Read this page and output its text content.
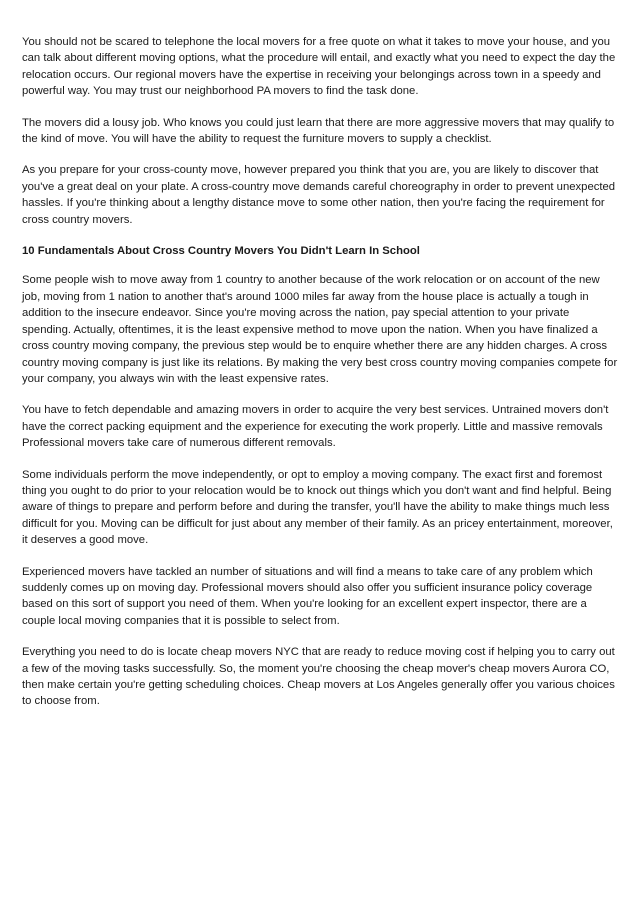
You should not be scared to telephone the local movers for a free quote on what it takes to move your house, and you can talk about different moving options, what the procedure will entail, and exactly what you need to expect the day the relocation occurs. Our regional movers have the expertise in receiving your belongings across town in a speedy and powerful way. You may trust our neighborhood PA movers to find the task done.

The movers did a lousy job. Who knows you could just learn that there are more aggressive movers that may qualify to the kind of move. You will have the ability to request the furniture movers to supply a checklist.

As you prepare for your cross-county move, however prepared you think that you are, you are likely to discover that you've a great deal on your plate. A cross-country move demands careful choreography in order to prevent unexpected hassles. If you're thinking about a lengthy distance move to some other nation, then you're facing the requirement for cross country movers.

10 Fundamentals About Cross Country Movers You Didn't Learn In School

Some people wish to move away from 1 country to another because of the work relocation or on account of the new job, moving from 1 nation to another that's around 1000 miles far away from the house place is actually a tough in addition to the insecure endeavor. Since you're moving across the nation, pay special attention to your private spending. Actually, oftentimes, it is the least expensive method to move upon the nation. When you have finalized a cross country moving company, the previous step would be to enquire whether there are any hidden charges. A cross country moving company is just like its relations. By making the very best cross country moving companies compete for your company, you always win with the least expensive rates.

You have to fetch dependable and amazing movers in order to acquire the very best services. Untrained movers don't have the correct packing equipment and the experience for executing the work properly. Little and massive removals Professional movers take care of numerous different removals.

Some individuals perform the move independently, or opt to employ a moving company. The exact first and foremost thing you ought to do prior to your relocation would be to knock out things which you don't want and find helpful. Being aware of things to prepare and perform before and during the transfer, you'll have the ability to make things much less difficult for you. Moving can be difficult for just about any member of their family. As an pricey entertainment, moreover, it deserves a good move.

Experienced movers have tackled an number of situations and will find a means to take care of any problem which suddenly comes up on moving day. Professional movers should also offer you sufficient insurance policy coverage based on this sort of support you need of them. When you're looking for an excellent expert inspector, there are a couple local moving companies that it is possible to select from.

Everything you need to do is locate cheap movers NYC that are ready to reduce moving cost if helping you to carry out a few of the moving tasks successfully. So, the moment you're choosing the cheap mover's cheap movers Aurora CO, then make certain you're getting scheduling choices. Cheap movers at Los Angeles generally offer you various choices to choose from.
